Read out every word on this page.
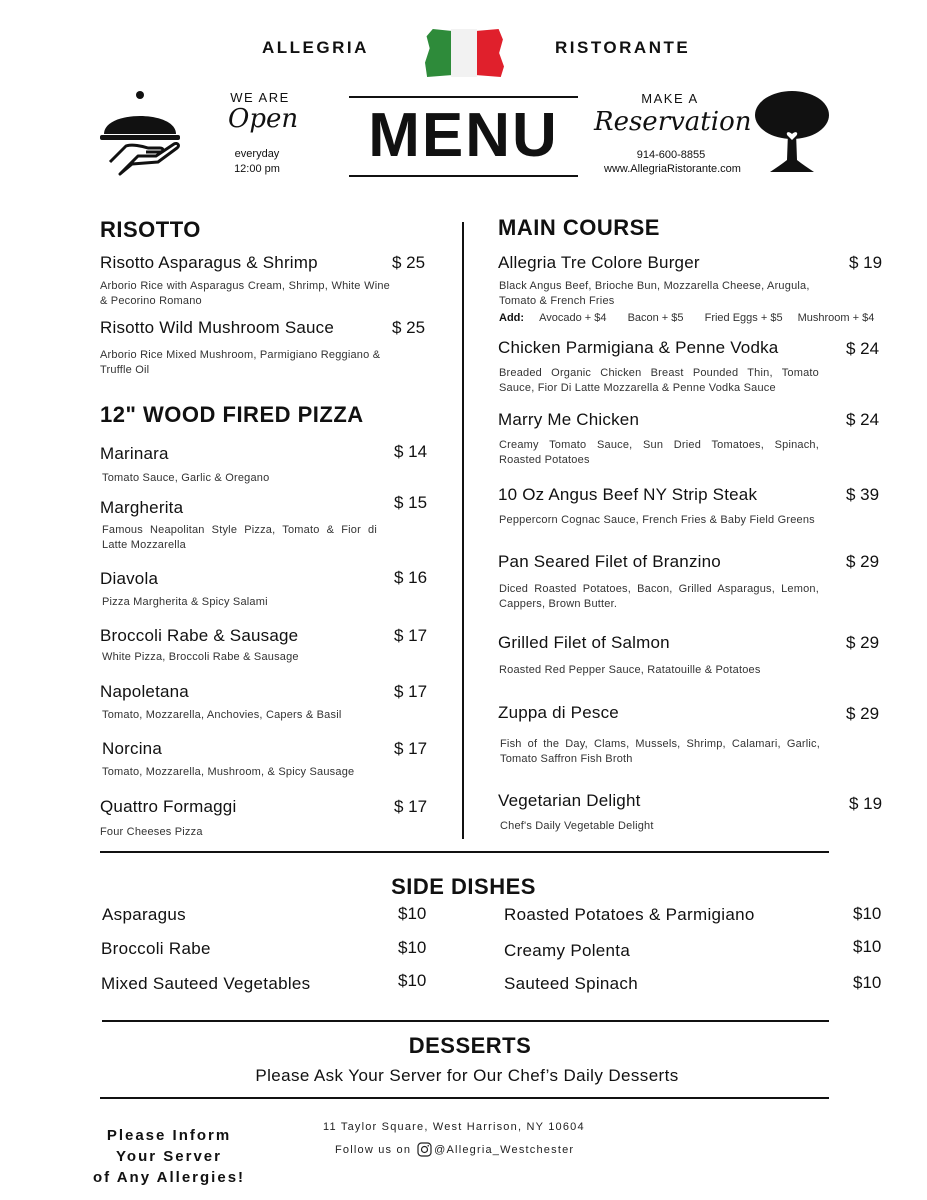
ALLEGRIA	RISTORANTE
WE ARE
Open
everyday
12:00 pm	MENU
MAKE A
Reservation
914-600-8855
www.AllegriaRistorante.com
RISOTTO
Risotto Asparagus & Shrimp	$ 25
Arborio Rice with Asparagus Cream, Shrimp, White Wine & Pecorino Romano
Risotto Wild Mushroom Sauce	$ 25
Arborio Rice Mixed Mushroom, Parmigiano Reggiano & Truffle Oil
12" WOOD FIRED PIZZA
Marinara	$ 14
Tomato Sauce, Garlic & Oregano
Margherita	$ 15
Famous Neapolitan Style Pizza, Tomato & Fior di Latte Mozzarella
Diavola	$ 16
Pizza Margherita & Spicy Salami
Broccoli Rabe & Sausage	$ 17
White Pizza, Broccoli Rabe & Sausage
Napoletana	$ 17
Tomato, Mozzarella, Anchovies, Capers & Basil
Norcina	$ 17
Tomato, Mozzarella, Mushroom, & Spicy Sausage
Quattro Formaggi	$ 17
Four Cheeses Pizza
MAIN COURSE
Allegria Tre Colore Burger	$ 19
Black Angus Beef, Brioche Bun, Mozzarella Cheese, Arugula, Tomato & French Fries
Add: Avocado + $4 Bacon + $5 Fried Eggs + $5 Mushroom + $4
Chicken Parmigiana & Penne Vodka	$ 24
Breaded Organic Chicken Breast Pounded Thin, Tomato Sauce, Fior Di Latte Mozzarella & Penne Vodka Sauce
Marry Me Chicken	$ 24
Creamy Tomato Sauce, Sun Dried Tomatoes, Spinach, Roasted Potatoes
10 Oz Angus Beef NY Strip Steak	$ 39
Peppercorn Cognac Sauce, French Fries & Baby Field Greens
Pan Seared Filet of Branzino	$ 29
Diced Roasted Potatoes, Bacon, Grilled Asparagus, Lemon, Cappers, Brown Butter.
Grilled Filet of Salmon	$ 29
Roasted Red Pepper Sauce, Ratatouille & Potatoes
Zuppa di Pesce	$ 29
Fish of the Day, Clams, Mussels, Shrimp, Calamari, Garlic, Tomato Saffron Fish Broth
Vegetarian Delight	$ 19
Chef's Daily Vegetable Delight
SIDE DISHES
Asparagus	$10
Broccoli Rabe	$10
Mixed Sauteed Vegetables	$10
Roasted Potatoes & Parmigiano	$10
Creamy Polenta	$10
Sauteed Spinach	$10
DESSERTS
Please Ask Your Server for Our Chef’s Daily Desserts
Please Inform
Your Server
of Any Allergies!
11 Taylor Square, West Harrison, NY 10604
Follow us on @Allegria_Westchester
